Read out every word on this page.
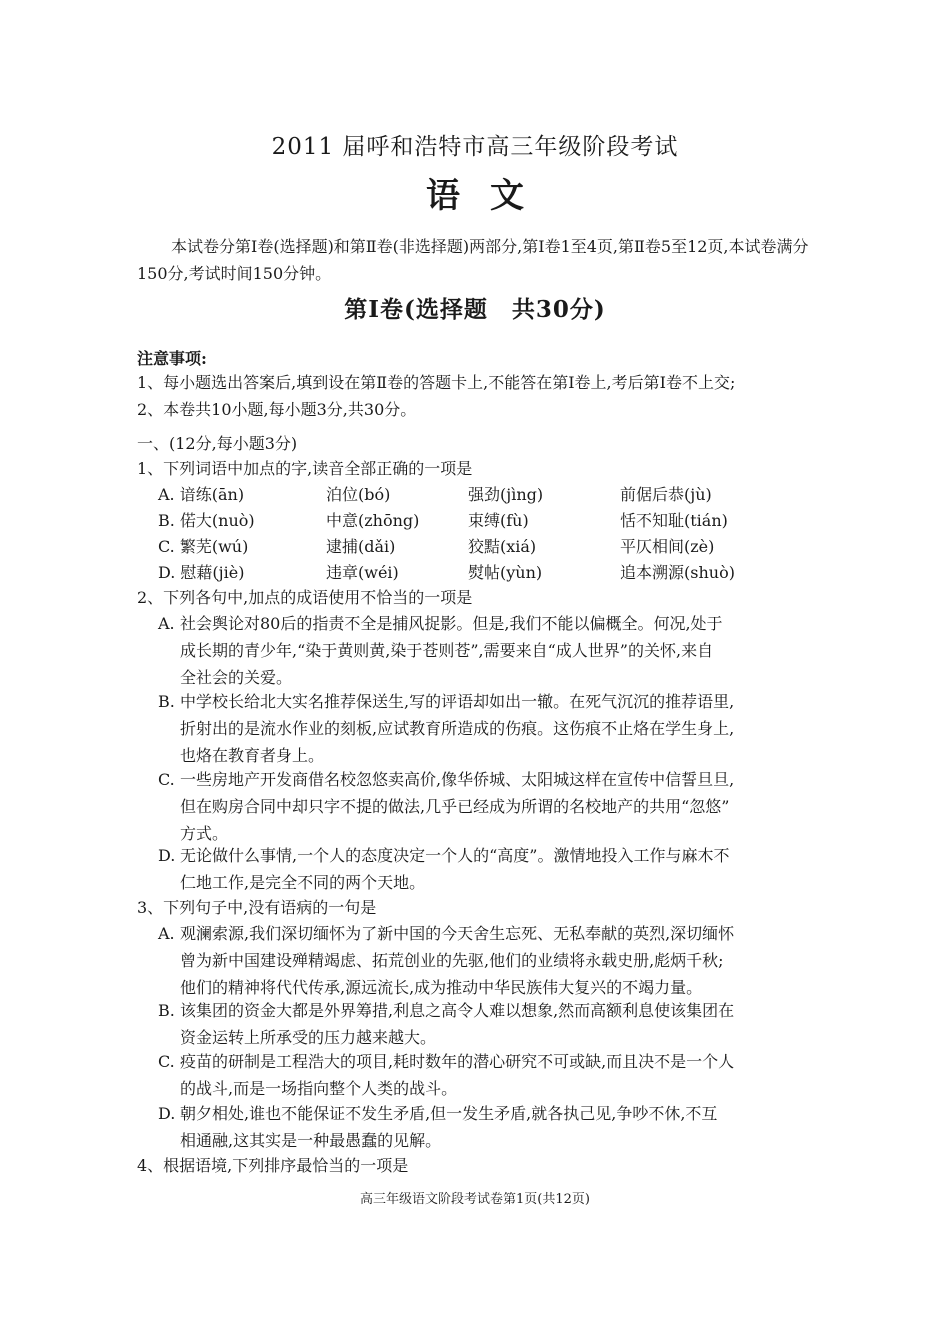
2011 届呼和浩特市高三年级阶段考试
语文
本试卷分第Ⅰ卷(选择题)和第Ⅱ卷(非选择题)两部分,第Ⅰ卷1至4页,第Ⅱ卷5至12页,本试卷满分150分,考试时间150分钟。
第Ⅰ卷(选择题　共30分)
注意事项:
1、每小题选出答案后,填到设在第Ⅱ卷的答题卡上,不能答在第Ⅰ卷上,考后第Ⅰ卷不上交;
2、本卷共10小题,每小题3分,共30分。
一、(12分,每小题3分)
1、下列词语中加点的字,读音全部正确的一项是
A. 谙练(ān)	泊位(bó)	强劲(jìng)	前倨后恭(jù)
B. 偌大(nuò)	中意(zhōng)	束缚(fù)	恬不知耻(tián)
C. 繁芜(wú)	逮捕(dǎi)	狡黠(xiá)	平仄相间(zè)
D. 慰藉(jiè)	违章(wéi)	熨帖(yùn)	追本溯源(shuò)
2、下列各句中,加点的成语使用不恰当的一项是
A. 社会舆论对80后的指责不全是捕风捉影。但是,我们不能以偏概全。何况,处于
成长期的青少年,“染于黄则黄,染于苍则苍”,需要来自“成人世界”的关怀,来自
全社会的关爱。
B. 中学校长给北大实名推荐保送生,写的评语却如出一辙。在死气沉沉的推荐语里,
折射出的是流水作业的刻板,应试教育所造成的伤痕。这伤痕不止烙在学生身上,
也烙在教育者身上。
C. 一些房地产开发商借名校忽悠卖高价,像华侨城、太阳城这样在宣传中信誓旦旦,
但在购房合同中却只字不提的做法,几乎已经成为所谓的名校地产的共用“忽悠”
方式。
D. 无论做什么事情,一个人的态度决定一个人的“高度”。激情地投入工作与麻木不
仁地工作,是完全不同的两个天地。
3、下列句子中,没有语病的一句是
A. 观澜索源,我们深切缅怀为了新中国的今天舍生忘死、无私奉献的英烈,深切缅怀
曾为新中国建设殚精竭虑、拓荒创业的先驱,他们的业绩将永载史册,彪炳千秋;
他们的精神将代代传承,源远流长,成为推动中华民族伟大复兴的不竭力量。
B. 该集团的资金大都是外界筹措,利息之高令人难以想象,然而高额利息使该集团在
资金运转上所承受的压力越来越大。
C. 疫苗的研制是工程浩大的项目,耗时数年的潜心研究不可或缺,而且决不是一个人
的战斗,而是一场指向整个人类的战斗。
D. 朝夕相处,谁也不能保证不发生矛盾,但一发生矛盾,就各执己见,争吵不休,不互
相通融,这其实是一种最愚蠢的见解。
4、根据语境,下列排序最恰当的一项是
高三年级语文阶段考试卷第1页(共12页)
